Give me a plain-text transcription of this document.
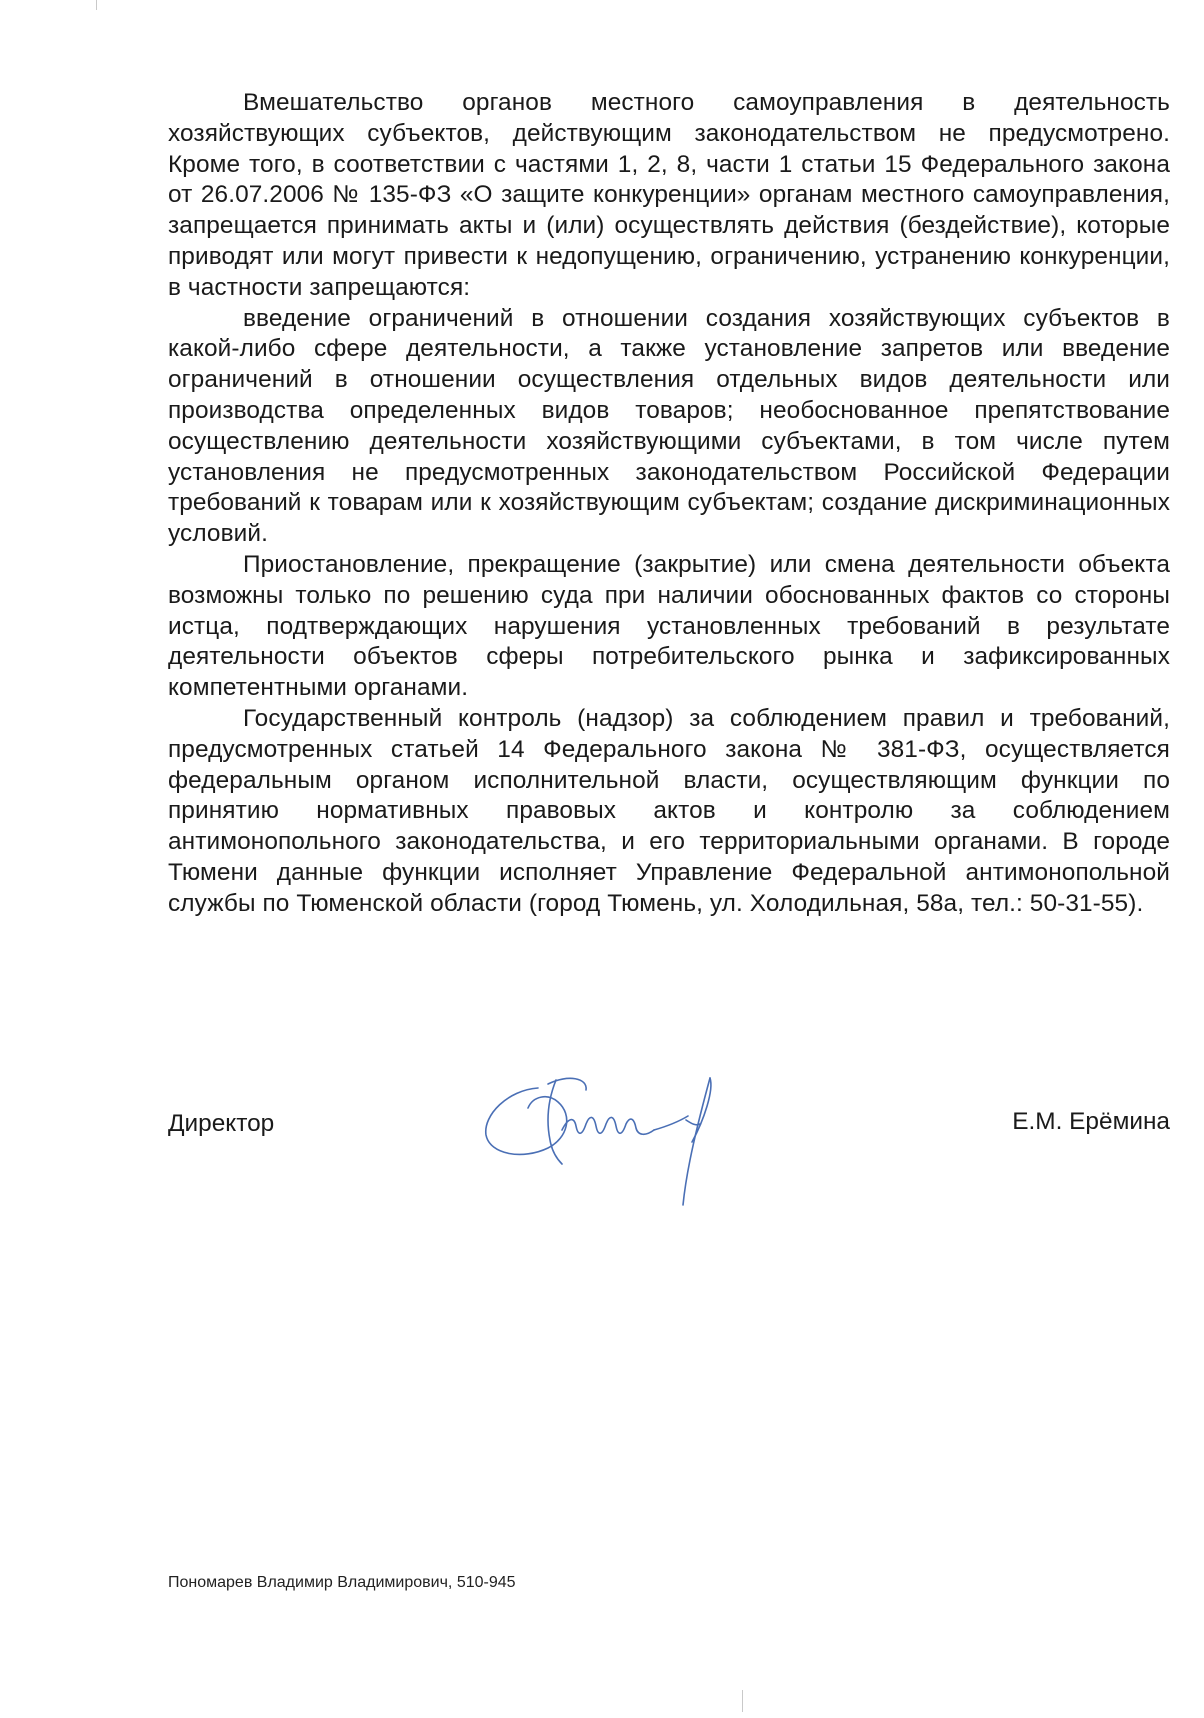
Вмешательство органов местного самоуправления в деятельность хозяйствующих субъектов, действующим законодательством не предусмотрено. Кроме того, в соответствии с частями 1, 2, 8, части 1 статьи 15 Федерального закона от 26.07.2006 № 135-ФЗ «О защите конкуренции» органам местного самоуправления, запрещается принимать акты и (или) осуществлять действия (бездействие), которые приводят или могут привести к недопущению, ограничению, устранению конкуренции, в частности запрещаются:

введение ограничений в отношении создания хозяйствующих субъектов в какой-либо сфере деятельности, а также установление запретов или введение ограничений в отношении осуществления отдельных видов деятельности или производства определенных видов товаров; необоснованное препятствование осуществлению деятельности хозяйствующими субъектами, в том числе путем установления не предусмотренных законодательством Российской Федерации требований к товарам или к хозяйствующим субъектам; создание дискриминационных условий.

Приостановление, прекращение (закрытие) или смена деятельности объекта возможны только по решению суда при наличии обоснованных фактов со стороны истца, подтверждающих нарушения установленных требований в результате деятельности объектов сферы потребительского рынка и зафиксированных компетентными органами.

Государственный контроль (надзор) за соблюдением правил и требований, предусмотренных статьей 14 Федерального закона № 381-ФЗ, осуществляется федеральным органом исполнительной власти, осуществляющим функции по принятию нормативных правовых актов и контролю за соблюдением антимонопольного законодательства, и его территориальными органами. В городе Тюмени данные функции исполняет Управление Федеральной антимонопольной службы по Тюменской области (город Тюмень, ул. Холодильная, 58а, тел.: 50-31-55).

Директор	Е.М. Ерёмина
Пономарев Владимир Владимирович, 510-945
